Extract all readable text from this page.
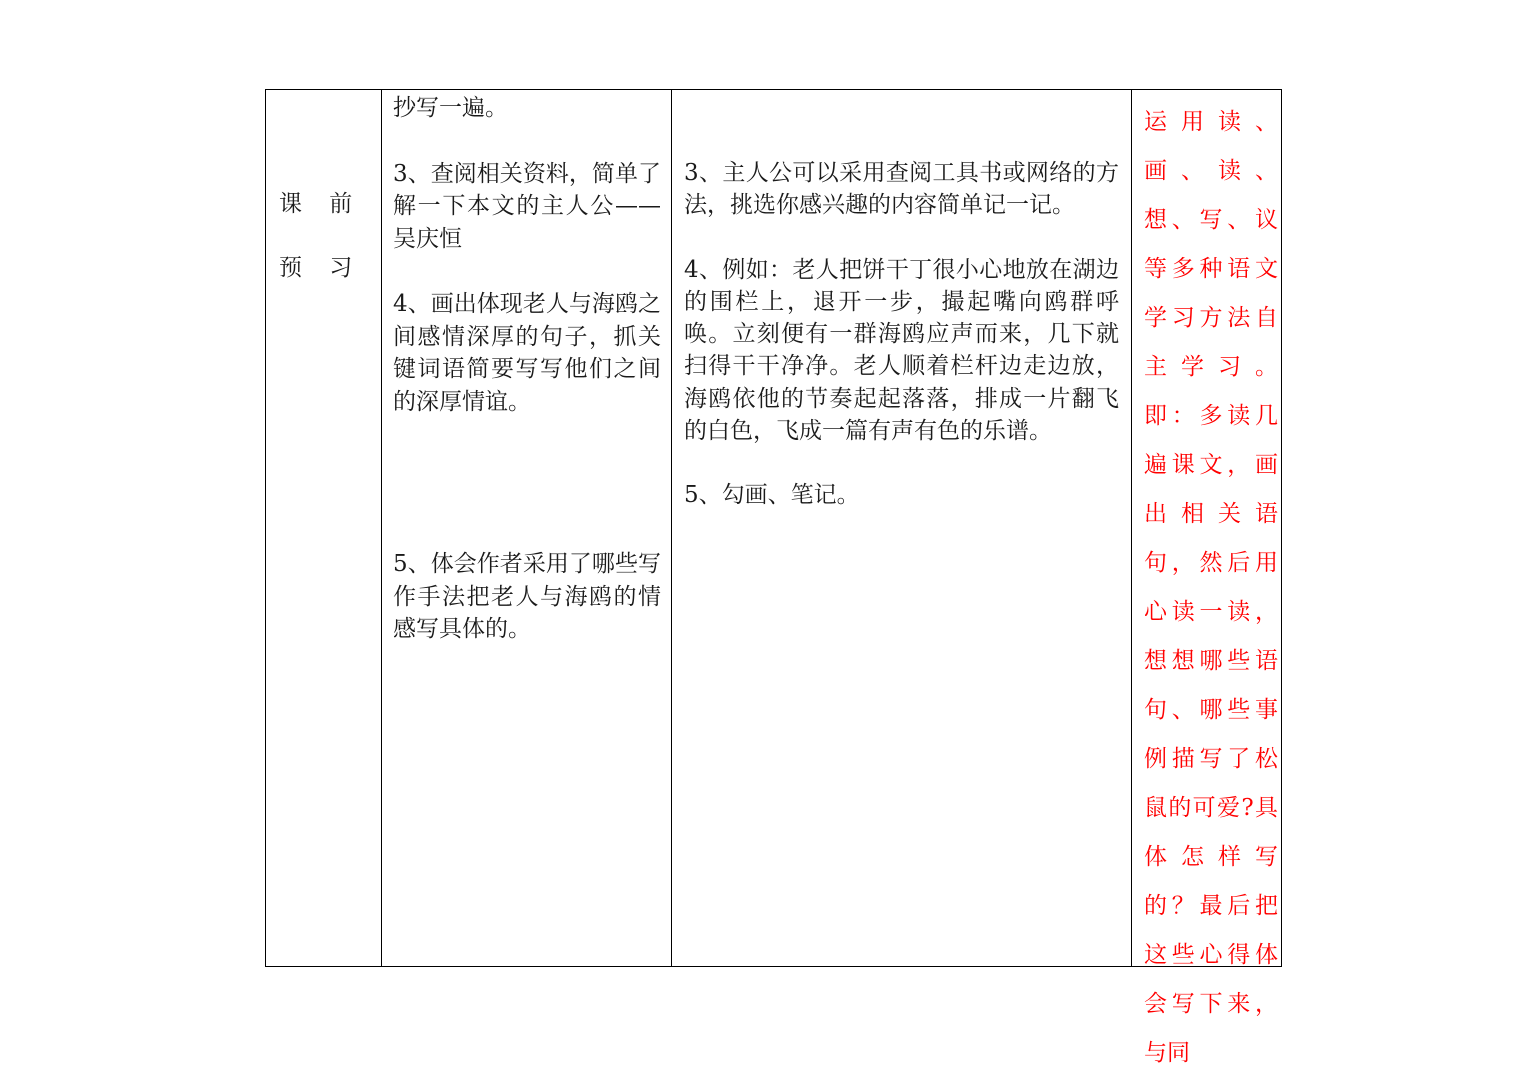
课 前
预 习

抄写一遍。

3、查阅相关资料，简单了解一下本文的主人公——吴庆恒

4、画出体现老人与海鸥之间感情深厚的句子，抓关键词语简要写写他们之间的深厚情谊。

5、体会作者采用了哪些写作手法把老人与海鸥的情感写具体的。

3、主人公可以采用查阅工具书或网络的方法，挑选你感兴趣的内容简单记一记。

4、例如：老人把饼干丁很小心地放在湖边的围栏上，退开一步，撮起嘴向鸥群呼唤。立刻便有一群海鸥应声而来，几下就扫得干干净净。老人顺着栏杆边走边放，海鸥依他的节奏起起落落，排成一片翻飞的白色，飞成一篇有声有色的乐谱。

5、勾画、笔记。

运用读、画、读、想、写、议等多种语文学习方法自主学习。即：多读几遍课文，画出相关语句，然后用心读一读，想想哪些语句、哪些事例描写了松鼠的可爱?具体怎样写的？最后把这些心得体会写下来，与同
